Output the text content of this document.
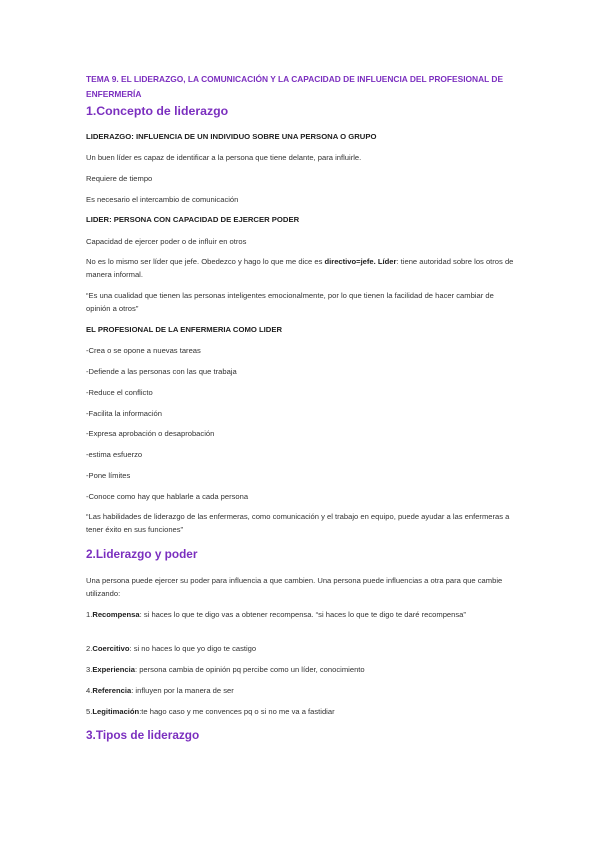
TEMA 9. EL LIDERAZGO, LA COMUNICACIÓN Y LA CAPACIDAD DE INFLUENCIA DEL PROFESIONAL DE ENFERMERÍA

1.Concepto de liderazgo

LIDERAZGO: INFLUENCIA DE UN INDIVIDUO SOBRE UNA PERSONA O GRUPO

Un buen líder es capaz de identificar a la persona que tiene delante, para influirle.

Requiere de tiempo

Es necesario el intercambio de comunicación

LIDER: PERSONA CON CAPACIDAD DE EJERCER PODER

Capacidad de ejercer poder o de influir en otros

No es lo mismo ser líder que jefe. Obedezco y hago lo que me dice es directivo=jefe. Líder: tiene autoridad sobre los otros de manera informal.

“Es una cualidad que tienen las personas inteligentes emocionalmente, por lo que tienen la facilidad de hacer cambiar de opinión a otros”

EL PROFESIONAL DE LA ENFERMERIA COMO LIDER

-Crea o se opone a nuevas tareas

-Defiende a las personas con las que trabaja

-Reduce el conflicto

-Facilita la información

-Expresa aprobación o desaprobación

-estima esfuerzo

-Pone límites

-Conoce como hay que hablarle a cada persona

“Las habilidades de liderazgo de las enfermeras, como comunicación y el trabajo en equipo, puede ayudar a las enfermeras a tener éxito en sus funciones”

2.Liderazgo y poder

Una persona puede ejercer su poder para influencia a que cambien. Una persona puede influencias a otra para que cambie utilizando:

1.Recompensa: si haces lo que te digo vas a obtener recompensa. “si haces lo que te digo te daré recompensa”

2.Coercitivo: si no haces lo que yo digo te castigo

3.Experiencia: persona cambia de opinión pq percibe como un líder, conocimiento

4.Referencia: influyen por la manera de ser

5.Legitimación:te hago caso y me convences pq o si no me va a fastidiar

3.Tipos de liderazgo
